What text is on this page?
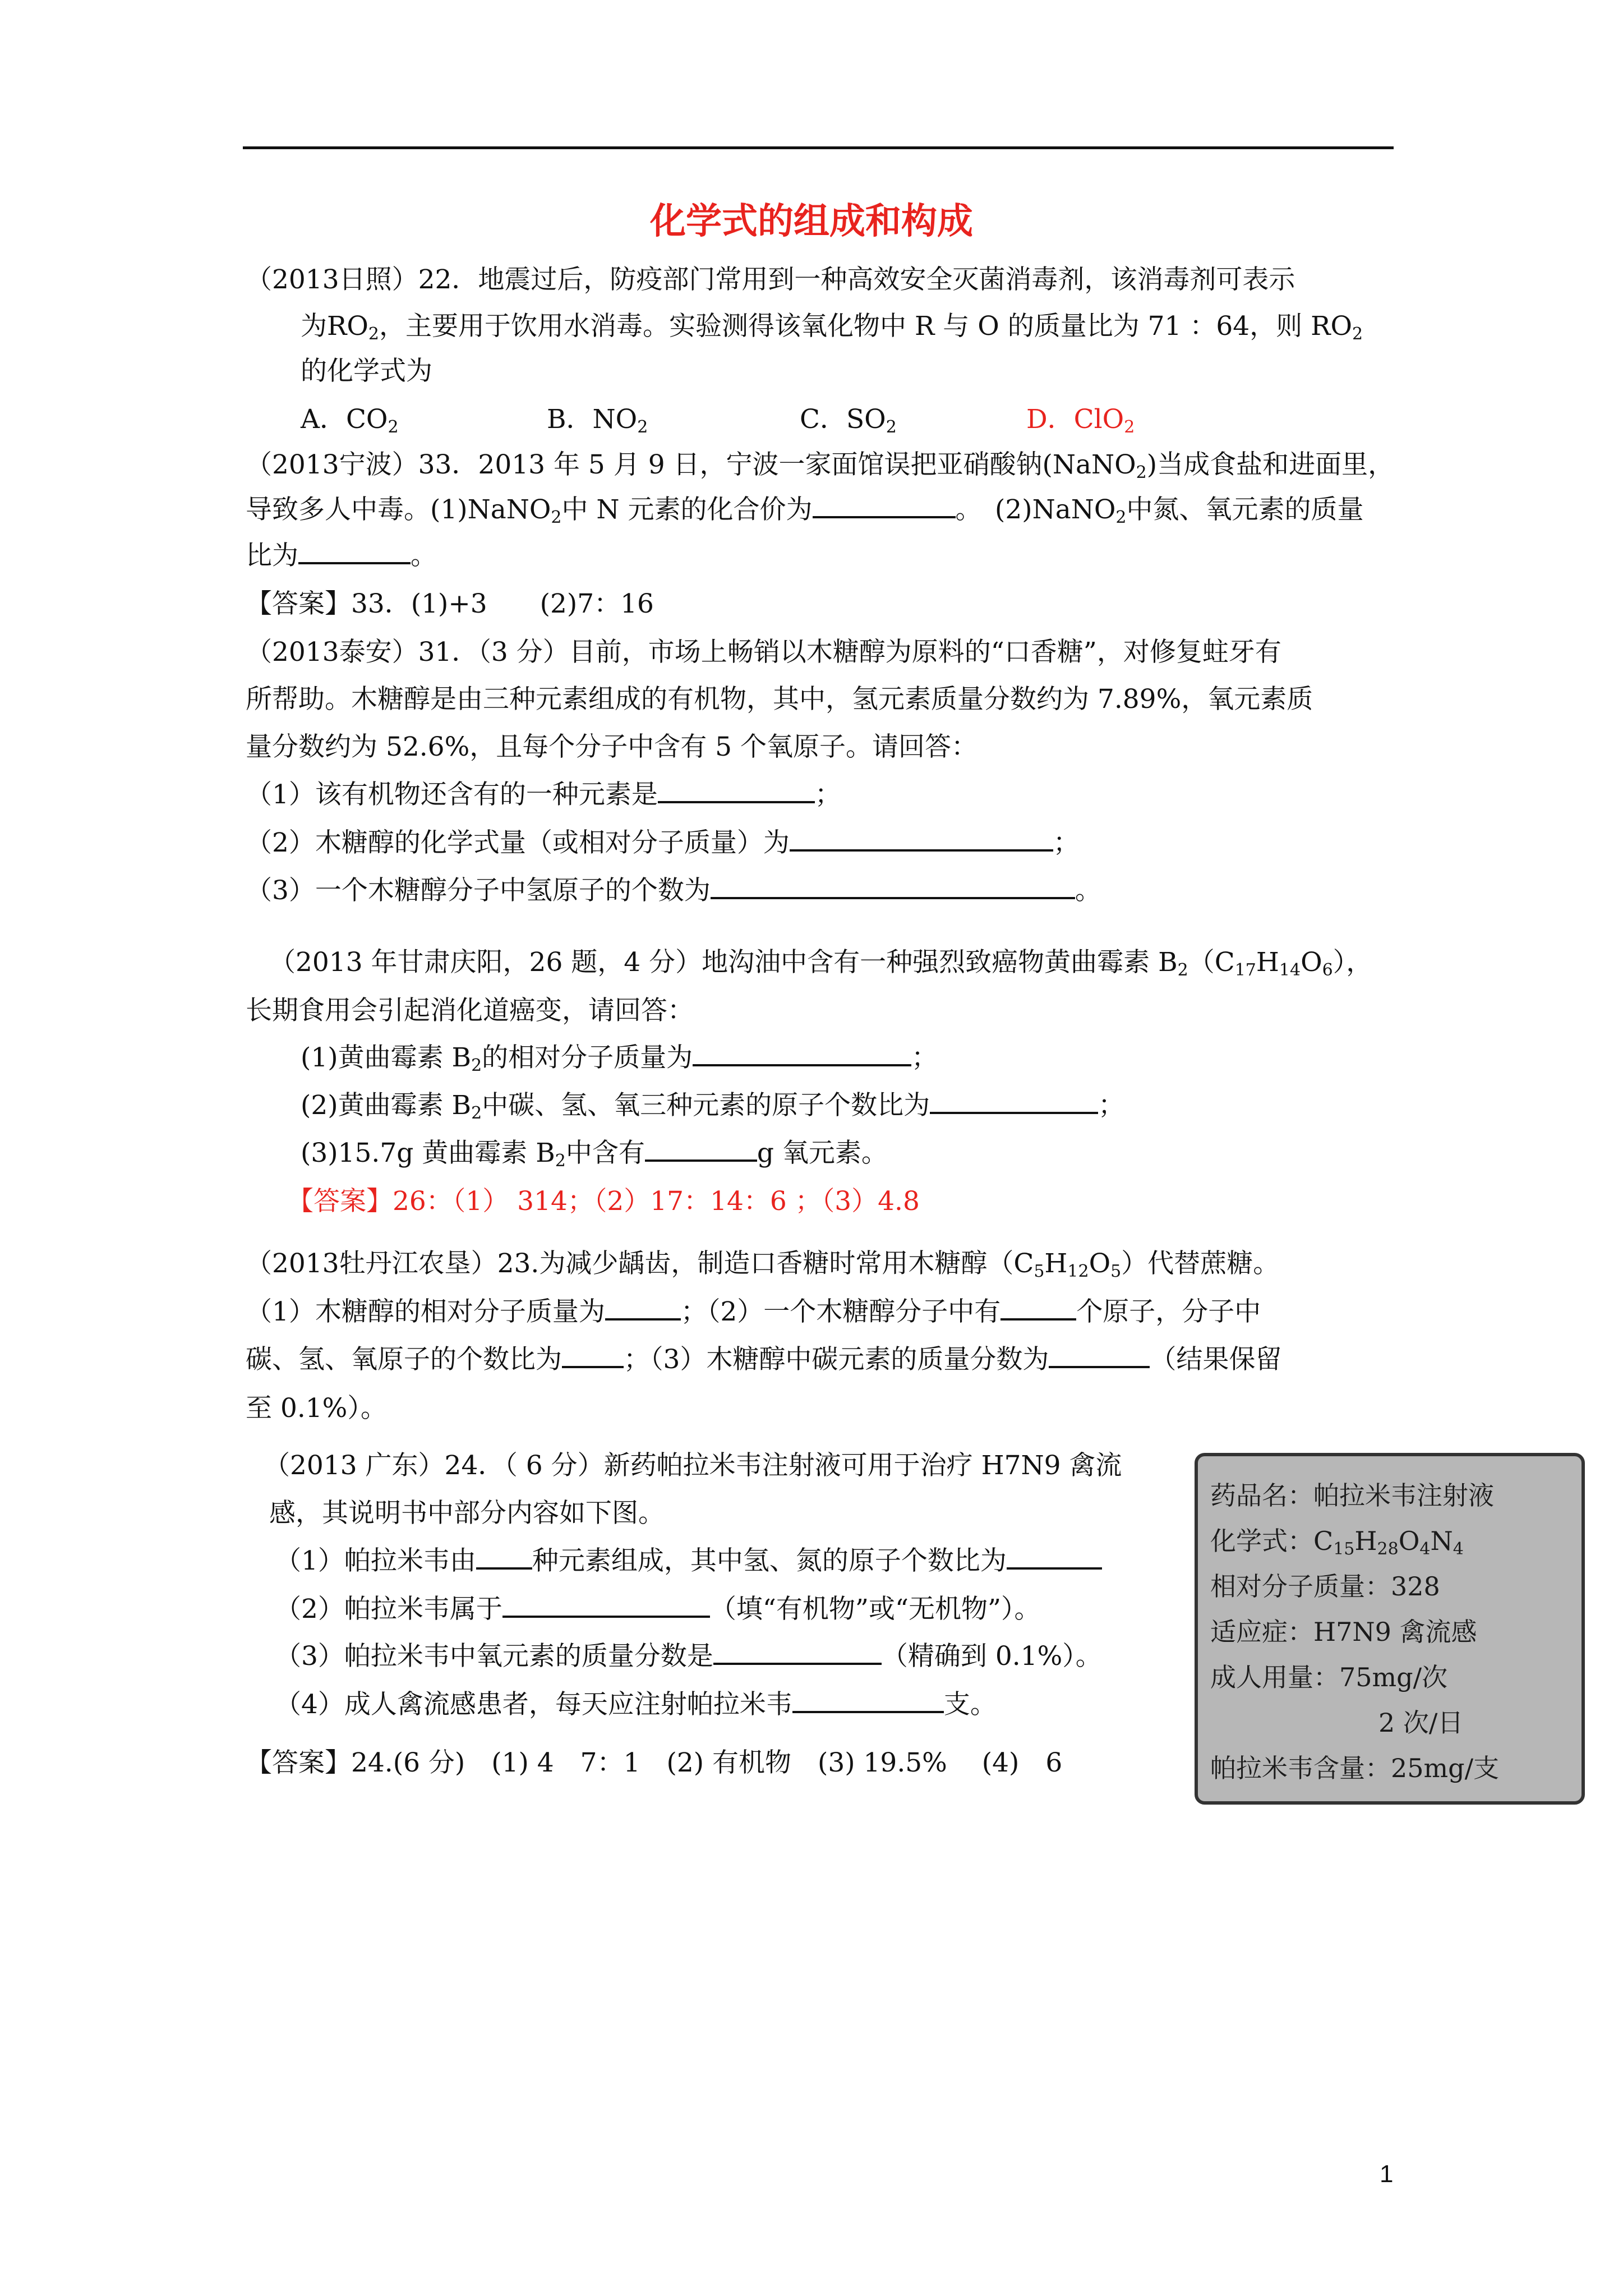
化学式的组成和构成
（2013日照）22．地震过后，防疫部门常用到一种高效安全灭菌消毒剂，该消毒剂可表示
为$RO_2$，主要用于饮用水消毒。实验测得该氧化物中 R 与 O 的质量比为 71 ：64，则 $RO_2$
的化学式为
A．$CO_2$	B．$NO_2$	C．$SO_2$	D．ClO$_2$
（2013宁波）33．2013 年 5 月 9 日，宁波一家面馆误把亚硝酸钠(NaNO$_2$)当成食盐和进面里，
导致多人中毒。(1)NaNO$_2$中 N 元素的化合价为	。　(2)NaNO$_2$中氮、氧元素的质量
比为	。
【答案】33．(1)+3　　(2)7：16
（2013泰安）31．（3 分）目前，市场上畅销以木糖醇为原料的“口香糖”，对修复蛀牙有
所帮助。木糖醇是由三种元素组成的有机物，其中，氢元素质量分数约为 7.89%，氧元素质
量分数约为 52.6%，且每个分子中含有 5 个氧原子。请回答：
（1）该有机物还含有的一种元素是	；
（2）木糖醇的化学式量（或相对分子质量）为	；
（3）一个木糖醇分子中氢原子的个数为	。
（2013 年甘肃庆阳，26 题，4 分）地沟油中含有一种强烈致癌物黄曲霉素 $B_2(C_{17}H_{14}O_6)$，
长期食用会引起消化道癌变，请回答：
(1)黄曲霉素 $B_2$的相对分子质量为	；
(2)黄曲霉素 $B_2$中碳、氢、氧三种元素的原子个数比为	；
(3)15.7g 黄曲霉素 $B_2$中含有	g 氧元素。
【答案】26：（1） 314；（2）17：14：6 ；（3）4.8
（2013牡丹江农垦）23.为减少龋齿，制造口香糖时常用木糖醇$(C_5H_{12}O_5)$代替蔗糖。
（1）木糖醇的相对分子质量为	；（2）一个木糖醇分子中有	个原子，分子中
碳、氢、氧原子的个数比为 ；（3）木糖醇中碳元素的质量分数为	（结果保留
至 0.1%）。
（2013 广东）24．（ 6 分）新药帕拉米韦注射液可用于治疗 H7N9 禽流
感，其说明书中部分内容如下图。
（1）帕拉米韦由 种元素组成，其中氢、氮的原子个数比为
（2）帕拉米韦属于	（填“有机物”或“无机物”）。
（3）帕拉米韦中氧元素的质量分数是	（精确到 0.1%）。
（4）成人禽流感患者，每天应注射帕拉米韦	支。
【答案】24.(6 分)　(1) 4　7：1　(2) 有机物　(3) 19.5%　 (4)　6
药品名：帕拉米韦注射液
化学式：$C_{15}H_{28}O_4N_4$
相对分子质量：328
适应症：H7N9 禽流感
成人用量：75mg/次
2 次/日
帕拉米韦含量：25mg/支
1
